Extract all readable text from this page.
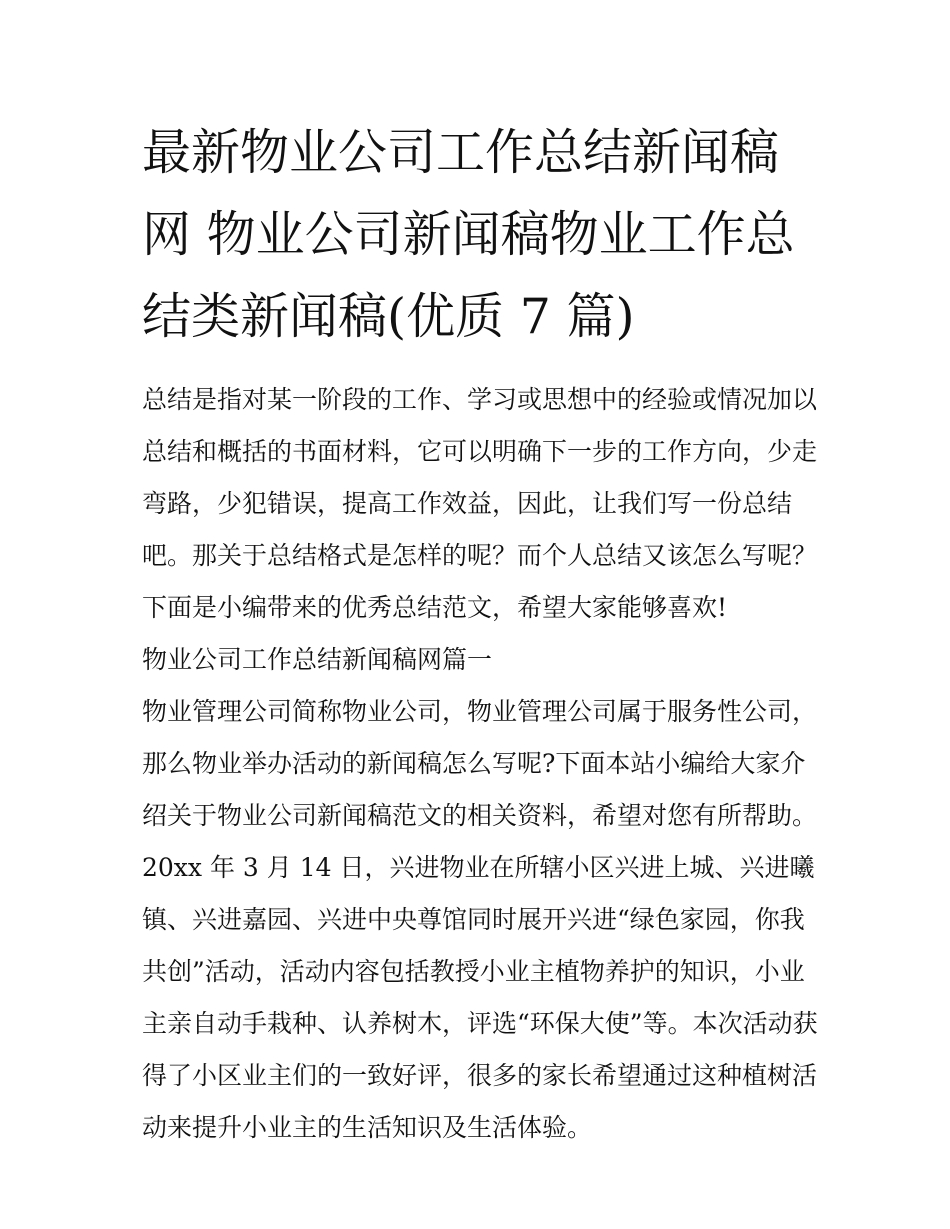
最新物业公司工作总结新闻稿
网 物业公司新闻稿物业工作总
结类新闻稿(优质 7 篇)
总结是指对某一阶段的工作、学习或思想中的经验或情况加以
总结和概括的书面材料，它可以明确下一步的工作方向，少走
弯路，少犯错误，提高工作效益，因此，让我们写一份总结
吧。那关于总结格式是怎样的呢？而个人总结又该怎么写呢？
下面是小编带来的优秀总结范文，希望大家能够喜欢!
物业公司工作总结新闻稿网篇一
物业管理公司简称物业公司，物业管理公司属于服务性公司，
那么物业举办活动的新闻稿怎么写呢?下面本站小编给大家介
绍关于物业公司新闻稿范文的相关资料，希望对您有所帮助。
20xx 年 3 月 14 日，兴进物业在所辖小区兴进上城、兴进曦
镇、兴进嘉园、兴进中央尊馆同时展开兴进“绿色家园，你我
共创”活动，活动内容包括教授小业主植物养护的知识，小业
主亲自动手栽种、认养树木，评选“环保大使”等。本次活动获
得了小区业主们的一致好评，很多的家长希望通过这种植树活
动来提升小业主的生活知识及生活体验。
